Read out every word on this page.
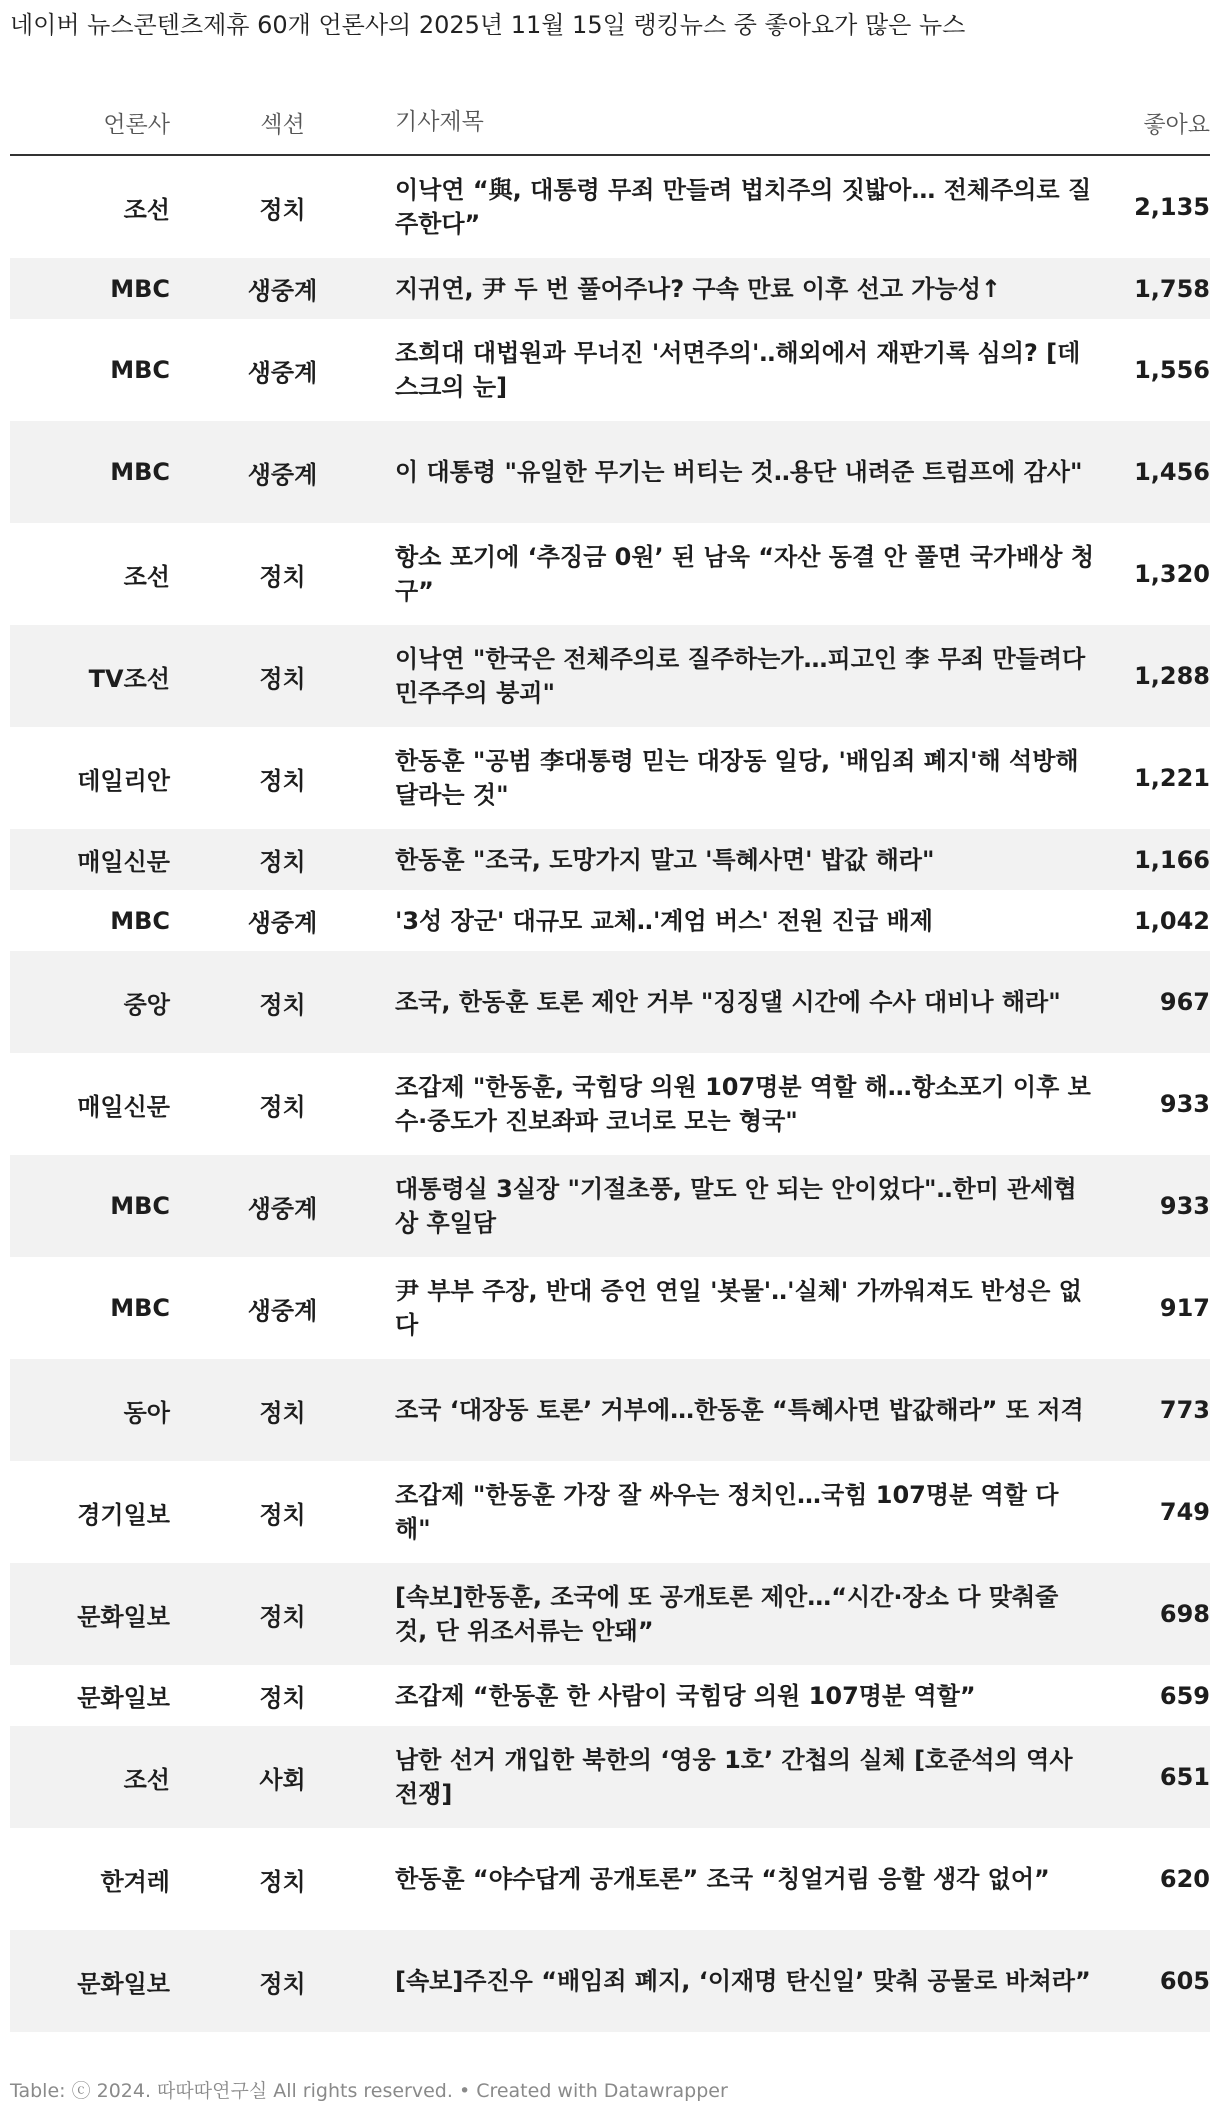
네이버 뉴스콘텐츠제휴 60개 언론사의 2025년 11월 15일 랭킹뉴스 중 좋아요가 많은 뉴스
언론사	섹션	기사제목	좋아요
조선	정치	이낙연 “與, 대통령 무죄 만들려 법치주의 짓밟아… 전체주의로 질주한다”	2,135
MBC	생중계	지귀연, 尹 두 번 풀어주나? 구속 만료 이후 선고 가능성↑	1,758
MBC	생중계	조희대 대법원과 무너진 '서면주의'‥해외에서 재판기록 심의? [데스크의 눈]	1,556
MBC	생중계	이 대통령 "유일한 무기는 버티는 것‥용단 내려준 트럼프에 감사"	1,456
조선	정치	항소 포기에 ‘추징금 0원’ 된 남욱 “자산 동결 안 풀면 국가배상 청구”	1,320
TV조선	정치	이낙연 "한국은 전체주의로 질주하는가…피고인 李 무죄 만들려다 민주주의 붕괴"	1,288
데일리안	정치	한동훈 "공범 李대통령 믿는 대장동 일당, '배임죄 폐지'해 석방해 달라는 것"	1,221
매일신문	정치	한동훈 "조국, 도망가지 말고 '특혜사면' 밥값 해라"	1,166
MBC	생중계	'3성 장군' 대규모 교체‥'계엄 버스' 전원 진급 배제	1,042
중앙	정치	조국, 한동훈 토론 제안 거부 "징징댈 시간에 수사 대비나 해라"	967
매일신문	정치	조갑제 "한동훈, 국힘당 의원 107명분 역할 해…항소포기 이후 보수·중도가 진보좌파 코너로 모는 형국"	933
MBC	생중계	대통령실 3실장 "기절초풍, 말도 안 되는 안이었다"‥한미 관세협상 후일담	933
MBC	생중계	尹 부부 주장, 반대 증언 연일 '봇물'‥'실체' 가까워져도 반성은 없다	917
동아	정치	조국 ‘대장동 토론’ 거부에…한동훈 “특혜사면 밥값해라” 또 저격	773
경기일보	정치	조갑제 "한동훈 가장 잘 싸우는 정치인…국힘 107명분 역할 다 해"	749
문화일보	정치	[속보]한동훈, 조국에 또 공개토론 제안…“시간·장소 다 맞춰줄 것, 단 위조서류는 안돼”	698
문화일보	정치	조갑제 “한동훈 한 사람이 국힘당 의원 107명분 역할”	659
조선	사회	남한 선거 개입한 북한의 ‘영웅 1호’ 간첩의 실체 [호준석의 역사전쟁]	651
한겨레	정치	한동훈 “야수답게 공개토론” 조국 “칭얼거림 응할 생각 없어”	620
문화일보	정치	[속보]주진우 “배임죄 폐지, ‘이재명 탄신일’ 맞춰 공물로 바쳐라”	605
Table: ⓒ 2024. 따따따연구실 All rights reserved. • Created with Datawrapper
